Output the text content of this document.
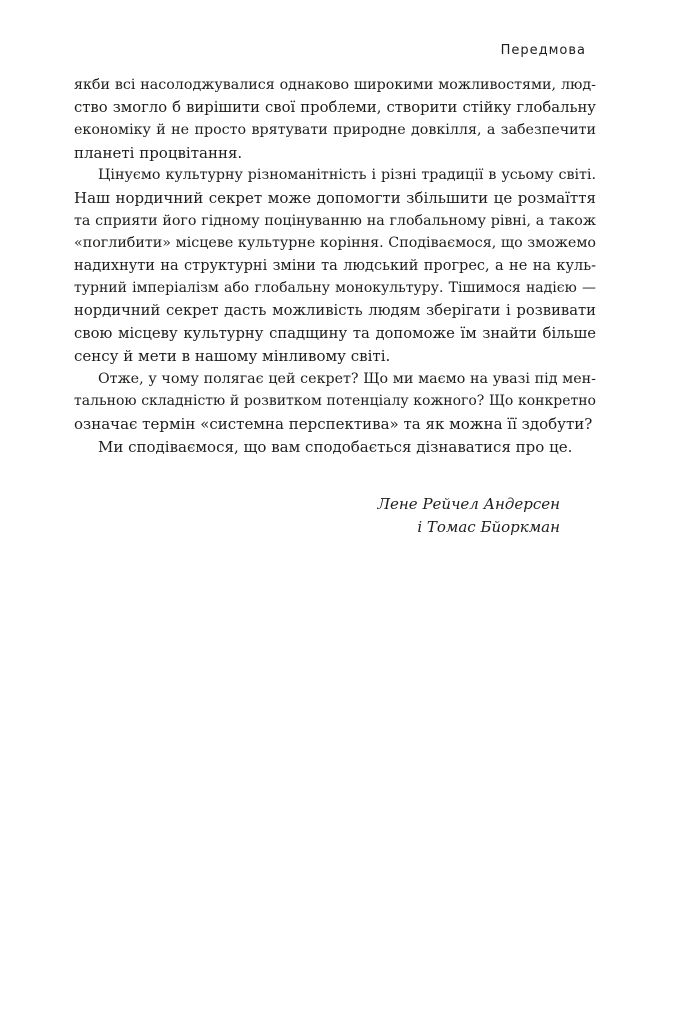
Передмова
якби всі насолоджувалися однаково широкими можливостями, люд-
ство змогло б вирішити свої проблеми, створити стійку глобальну
економіку й не просто врятувати природне довкілля, а забезпечити
планеті процвітання.
Цінуємо культурну різноманітність і різні традиції в усьому світі.
Наш нордичний секрет може допомогти збільшити це розмаїття
та сприяти його гідному поцінуванню на глобальному рівні, а також
«поглибити» місцеве культурне коріння. Сподіваємося, що зможемо
надихнути на структурні зміни та людський прогрес, а не на куль-
турний імперіалізм або глобальну монокультуру. Тішимося надією —
нордичний секрет дасть можливість людям зберігати і розвивати
свою місцеву культурну спадщину та допоможе їм знайти більше
сенсу й мети в нашому мінливому світі.
Отже, у чому полягає цей секрет? Що ми маємо на увазі під мен-
тальною складністю й розвитком потенціалу кожного? Що конкретно
означає термін «системна перспектива» та як можна її здобути?
Ми сподіваємося, що вам сподобається дізнаватися про це.
Лене Рейчел Андерсен
і Томас Бйоркман
